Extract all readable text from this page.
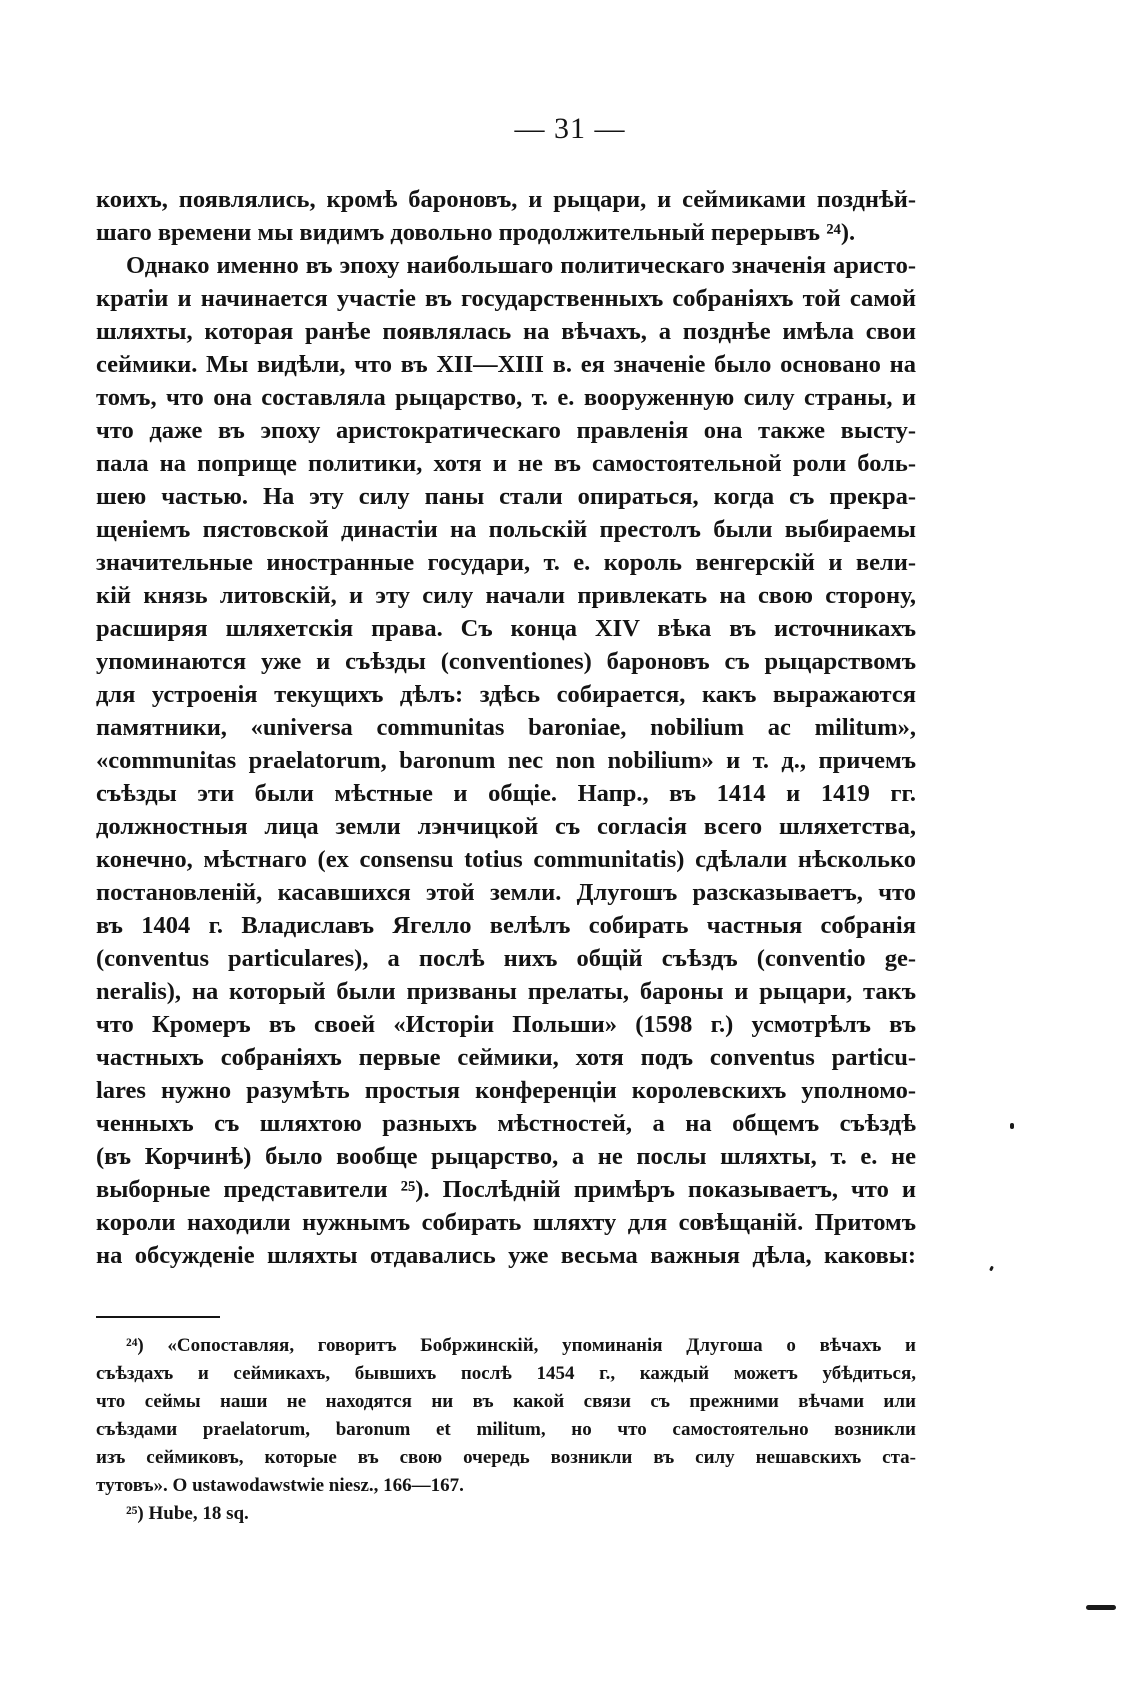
— 31 —
коихъ, появлялись, кромѣ бароновъ, и рыцари, и сеймиками позднѣй-
шаго времени мы видимъ довольно продолжительный перерывъ ²⁴).
Однако именно въ эпоху наибольшаго политическаго значенія аристо-
кратіи и начинается участіе въ государственныхъ собраніяхъ той самой
шляхты, которая ранѣе появлялась на вѣчахъ, а позднѣе имѣла свои
сеймики. Мы видѣли, что въ XII—XIII в. ея значеніе было основано на
томъ, что она составляла рыцарство, т. е. вооруженную силу страны, и
что даже въ эпоху аристократическаго правленія она также высту-
пала на поприще политики, хотя и не въ самостоятельной роли боль-
шею частью. На эту силу паны стали опираться, когда съ прекра-
щеніемъ пястовской династіи на польскій престолъ были выбираемы
значительные иностранные государи, т. е. король венгерскій и вели-
кій князь литовскій, и эту силу начали привлекать на свою сторону,
расширяя шляхетскія права. Съ конца XIV вѣка въ источникахъ
упоминаются уже и съѣзды (conventiones) бароновъ съ рыцарствомъ
для устроенія текущихъ дѣлъ: здѣсь собирается, какъ выражаются
памятники, «universa communitas baroniae, nobilium ac militum»,
«communitas praelatorum, baronum nec non nobilium» и т. д., причемъ
съѣзды эти были мѣстные и общіе. Напр., въ 1414 и 1419 гг.
должностныя лица земли лэнчицкой съ согласія всего шляхетства,
конечно, мѣстнаго (ex consensu totius communitatis) сдѣлали нѣсколько
постановленій, касавшихся этой земли. Длугошъ разсказываетъ, что
въ 1404 г. Владиславъ Ягелло велѣлъ собирать частныя собранія
(conventus particulares), а послѣ нихъ общій съѣздъ (conventio ge-
neralis), на который были призваны прелаты, бароны и рыцари, такъ
что Кромеръ въ своей «Исторіи Польши» (1598 г.) усмотрѣлъ въ
частныхъ собраніяхъ первые сеймики, хотя подъ conventus particu-
lares нужно разумѣть простыя конференціи королевскихъ уполномо-
ченныхъ съ шляхтою разныхъ мѣстностей, а на общемъ съѣздѣ
(въ Корчинѣ) было вообще рыцарство, а не послы шляхты, т. е. не
выборные представители ²⁵). Послѣдній примѣръ показываетъ, что и
короли находили нужнымъ собирать шляхту для совѣщаній. Притомъ
на обсужденіе шляхты отдавались уже весьма важныя дѣла, каковы:
²⁴) «Сопоставляя, говоритъ Бобржинскій, упоминанія Длугоша о вѣчахъ и
съѣздахъ и сеймикахъ, бывшихъ послѣ 1454 г., каждый можетъ убѣдиться,
что сеймы наши не находятся ни въ какой связи съ прежними вѣчами или
съѣздами praelatorum, baronum et militum, но что самостоятельно возникли
изъ сеймиковъ, которые въ свою очередь возникли въ силу нешавскихъ ста-
тутовъ». O ustawodawstwie niesz., 166—167.
²⁵) Hube, 18 sq.
